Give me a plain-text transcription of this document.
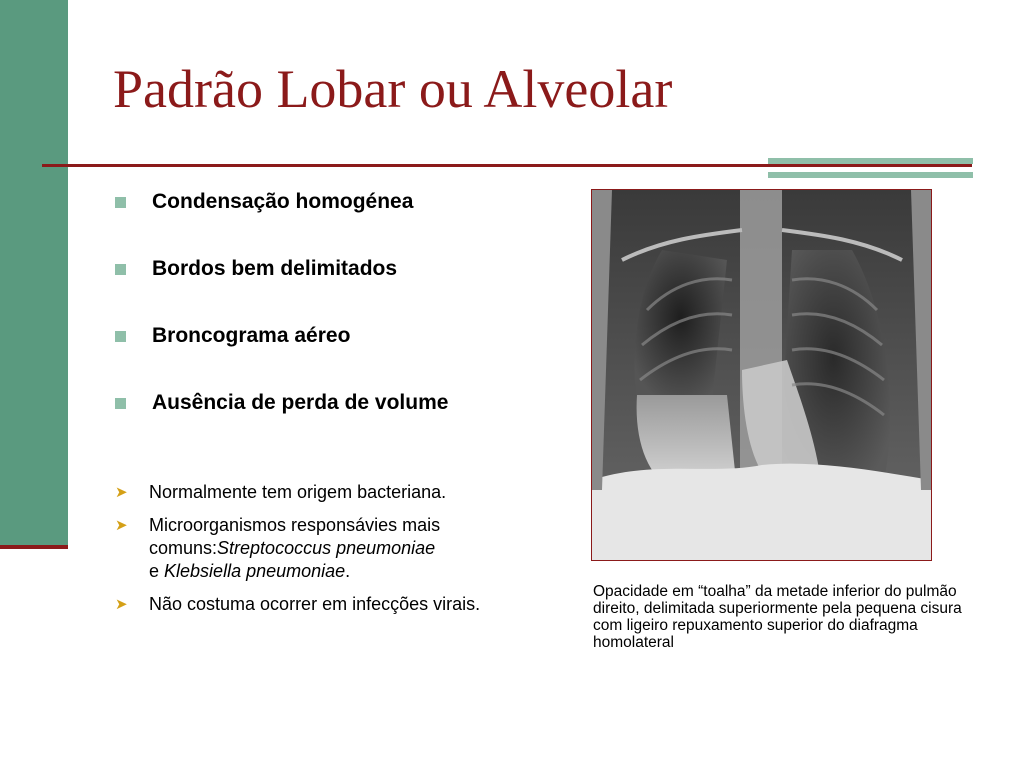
Padrão Lobar ou Alveolar
Condensação homogénea
Bordos bem delimitados
Broncograma aéreo
Ausência de perda de volume
➤	Normalmente tem origem bacteriana.
➤	Microorganismos responsávies mais comuns:Streptococcus pneumoniae
e Klebsiella pneumoniae.
➤	Não costuma ocorrer em infecções virais.

Opacidade em “toalha” da metade inferior do pulmão direito, delimitada superiormente pela pequena cisura com ligeiro repuxamento superior do diafragma homolateral
